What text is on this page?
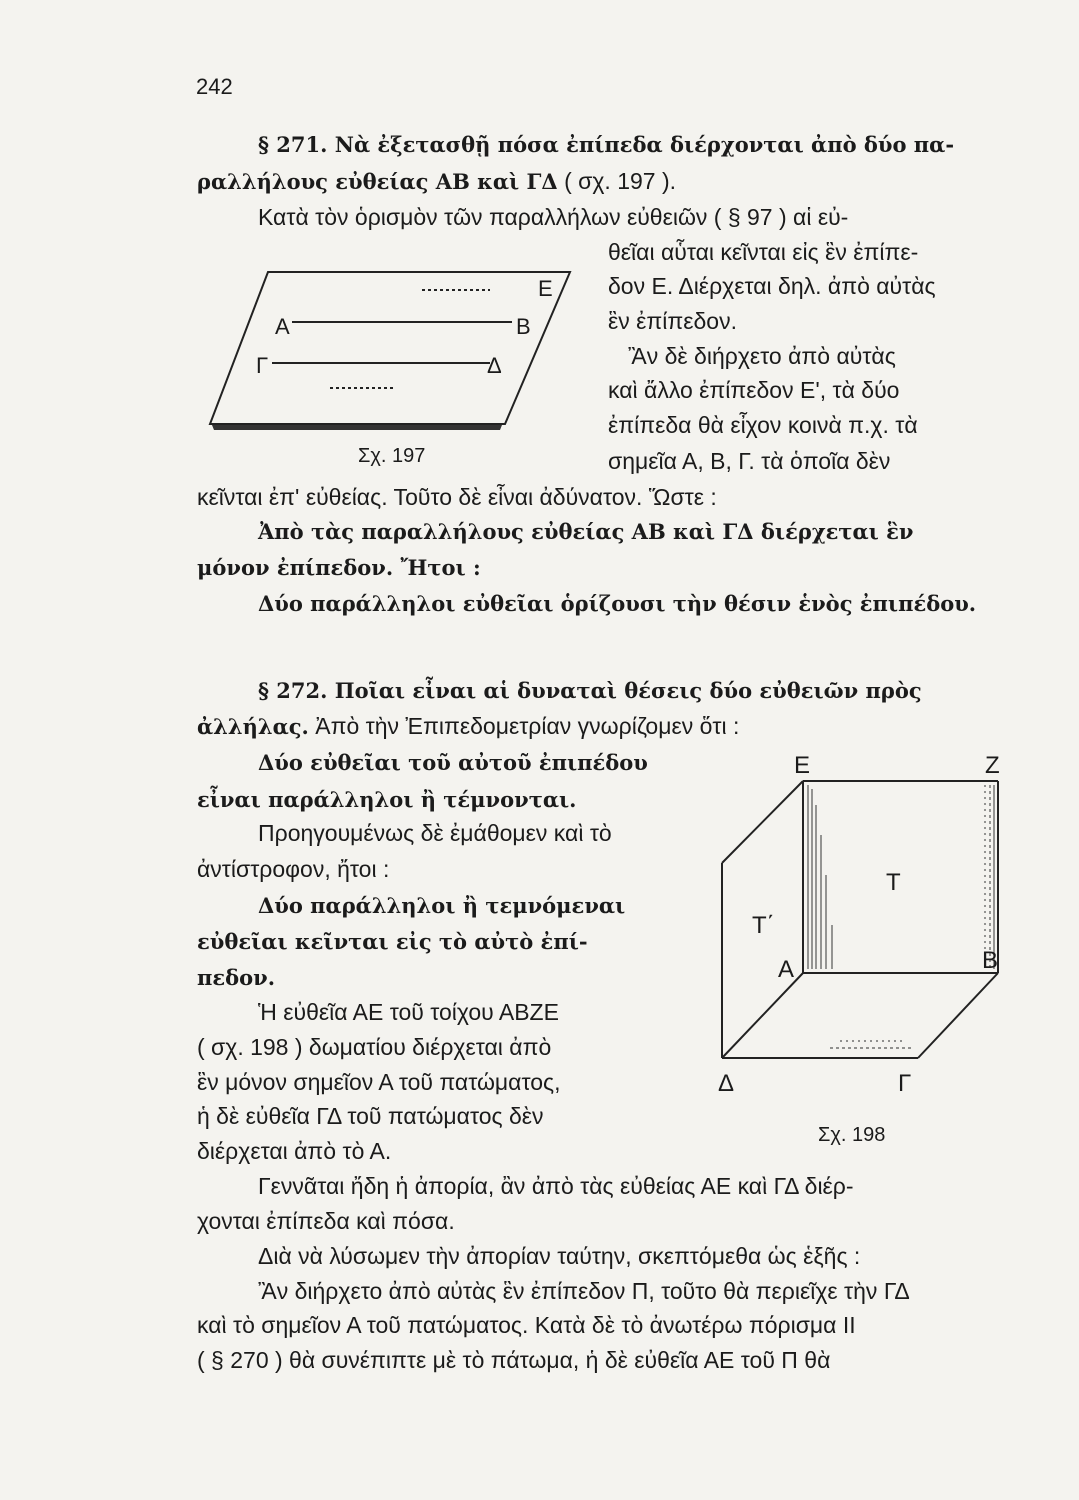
242
§ 271. Νὰ ἐξετασθῇ πόσα ἐπίπεδα διέρχονται ἀπὸ δύο πα-
ραλλήλους εὐθείας ΑΒ καὶ ΓΔ ( σχ. 197 ).
Κατὰ τὸν ὁρισμὸν τῶν παραλλήλων εὐθειῶν ( § 97 ) αἱ εὐ-
θεῖαι αὗται κεῖνται εἰς ἓν ἐπίπε-
δον Ε. Διέρχεται δηλ. ἀπὸ αὐτὰς
ἓν ἐπίπεδον.
Ἂν δὲ διήρχετο ἀπὸ αὐτὰς
καὶ ἄλλο ἐπίπεδον Ε', τὰ δύο
ἐπίπεδα θὰ εἶχον κοινὰ π.χ. τὰ
σημεῖα Α, Β, Γ. τὰ ὁποῖα δὲν
κεῖνται ἐπ' εὐθείας. Τοῦτο δὲ εἶναι ἀδύνατον. Ὥστε :
Ἀπὸ τὰς παραλλήλους εὐθείας ΑΒ καὶ ΓΔ διέρχεται ἓν
μόνον ἐπίπεδον. Ἤτοι :
Δύο παράλληλοι εὐθεῖαι ὁρίζουσι τὴν θέσιν ἑνὸς ἐπιπέδου.
E
A	B
Γ	Δ
Σχ. 197
§ 272. Ποῖαι εἶναι αἱ δυναταὶ θέσεις δύο εὐθειῶν πρὸς
ἀλλήλας. Ἀπὸ τὴν Ἐπιπεδομετρίαν γνωρίζομεν ὅτι :
Δύο εὐθεῖαι τοῦ αὐτοῦ ἐπιπέδου
εἶναι παράλληλοι ἢ τέμνονται.
Προηγουμένως δὲ ἐμάθομεν καὶ τὸ
ἀντίστροφον, ἤτοι :
Δύο παράλληλοι ἢ τεμνόμεναι
εὐθεῖαι κεῖνται εἰς τὸ αὐτὸ ἐπί-
πεδον.
Ἡ εὐθεῖα ΑΕ τοῦ τοίχου ΑΒΖΕ
( σχ. 198 ) δωματίου διέρχεται ἀπὸ
ἓν μόνον σημεῖον Α τοῦ πατώματος,
ἡ δὲ εὐθεῖα ΓΔ τοῦ πατώματος δὲν
διέρχεται ἀπὸ τὸ Α.
Γεννᾶται ἤδη ἡ ἀπορία, ἂν ἀπὸ τὰς εὐθείας ΑΕ καὶ ΓΔ διέρ-
χονται ἐπίπεδα καὶ πόσα.
Διὰ νὰ λύσωμεν τὴν ἀπορίαν ταύτην, σκεπτόμεθα ὡς ἑξῆς :
Ἂν διήρχετο ἀπὸ αὐτὰς ἓν ἐπίπεδον Π, τοῦτο θὰ περιεῖχε τὴν ΓΔ
καὶ τὸ σημεῖον Α τοῦ πατώματος. Κατὰ δὲ τὸ ἀνωτέρω πόρισμα ΙΙ
( § 270 ) θὰ συνέπιπτε μὲ τὸ πάτωμα, ἡ δὲ εὐθεῖα ΑΕ τοῦ Π θὰ
E	Z
T
T΄
A	B
Δ	Γ
Σχ. 198
